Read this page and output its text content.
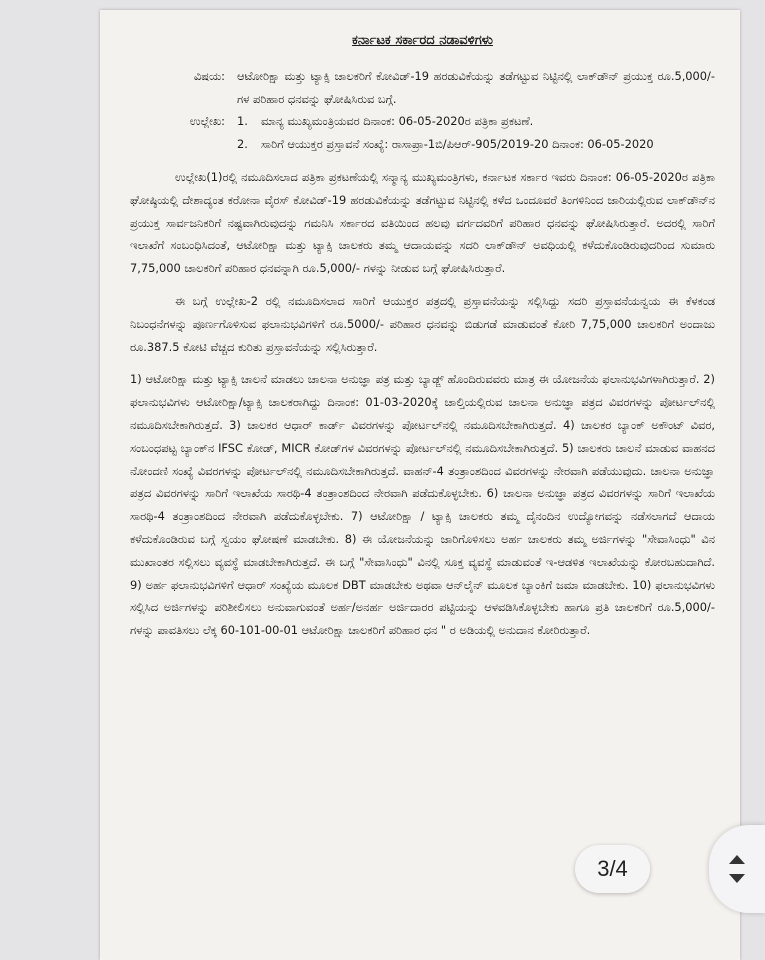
ಕರ್ನಾಟಕ ಸರ್ಕಾರದ ನಡಾವಳಿಗಳು
ವಿಷಯ:	ಆಟೋರಿಕ್ಷಾ ಮತ್ತು ಟ್ಯಾಕ್ಸಿ ಚಾಲಕರಿಗೆ ಕೋವಿಡ್-19 ಹರಡುವಿಕೆಯನ್ನು ತಡೆಗಟ್ಟುವ ನಿಟ್ಟಿನಲ್ಲಿ ಲಾಕ್‌ಡೌನ್ ಪ್ರಯುಕ್ತ ರೂ.5,000/-ಗಳ ಪರಿಹಾರ ಧನವನ್ನು ಘೋಷಿಸಿರುವ ಬಗ್ಗೆ.
ಉಲ್ಲೇಖ:	1.	ಮಾನ್ಯ ಮುಖ್ಯಮಂತ್ರಿಯವರ ದಿನಾಂಕ: 06-05-2020ರ ಪತ್ರಿಕಾ ಪ್ರಕಟಣೆ.
2.	ಸಾರಿಗೆ ಆಯುಕ್ತರ ಪ್ರಸ್ತಾವನೆ ಸಂಖ್ಯೆ: ರಾಸಾಪ್ರಾ-1ಬಿ/ಪಿಆರ್-905/2019-20 ದಿನಾಂಕ: 06-05-2020

ಉಲ್ಲೇಖ(1)ರಲ್ಲಿ ನಮೂದಿಸಲಾದ ಪತ್ರಿಕಾ ಪ್ರಕಟಣೆಯಲ್ಲಿ ಸನ್ಮಾನ್ಯ ಮುಖ್ಯಮಂತ್ರಿಗಳು, ಕರ್ನಾಟಕ ಸರ್ಕಾರ ಇವರು ದಿನಾಂಕ: 06-05-2020ರ ಪತ್ರಿಕಾ ಘೋಷ್ಠಿಯಲ್ಲಿ ದೇಶಾದ್ಯಂತ ಕರೋನಾ ವೈರಸ್ ಕೋವಿಡ್-19 ಹರಡುವಿಕೆಯನ್ನು ತಡೆಗಟ್ಟುವ ನಿಟ್ಟಿನಲ್ಲಿ ಕಳೆದ ಒಂದೂವರೆ ತಿಂಗಳಿನಿಂದ ಜಾರಿಯಲ್ಲಿರುವ ಲಾಕ್‌ಡೌನ್‌ನ ಪ್ರಯುಕ್ತ ಸಾರ್ವಜನಿಕರಿಗೆ ನಷ್ಟವಾಗಿರುವುದನ್ನು ಗಮನಿಸಿ ಸರ್ಕಾರದ ವತಿಯಿಂದ ಹಲವು ವರ್ಗದವರಿಗೆ ಪರಿಹಾರ ಧನವನ್ನು ಘೋಷಿಸಿರುತ್ತಾರೆ. ಅದರಲ್ಲಿ ಸಾರಿಗೆ ಇಲಾಖೆಗೆ ಸಂಬಂಧಿಸಿದಂತೆ, ಆಟೋರಿಕ್ಷಾ ಮತ್ತು ಟ್ಯಾಕ್ಸಿ ಚಾಲಕರು ತಮ್ಮ ಆದಾಯವನ್ನು ಸದರಿ ಲಾಕ್‌ಡೌನ್ ಅವಧಿಯಲ್ಲಿ ಕಳೆದುಕೊಂಡಿರುವುದರಿಂದ ಸುಮಾರು 7,75,000 ಚಾಲಕರಿಗೆ ಪರಿಹಾರ ಧನವನ್ನಾಗಿ ರೂ.5,000/- ಗಳನ್ನು ನೀಡುವ ಬಗ್ಗೆ ಘೋಷಿಸಿರುತ್ತಾರೆ.

ಈ ಬಗ್ಗೆ ಉಲ್ಲೇಖ-2 ರಲ್ಲಿ ನಮೂದಿಸಲಾದ ಸಾರಿಗೆ ಆಯುಕ್ತರ ಪತ್ರದಲ್ಲಿ ಪ್ರಸ್ತಾವನೆಯನ್ನು ಸಲ್ಲಿಸಿದ್ದು ಸದರಿ ಪ್ರಸ್ತಾವನೆಯನ್ವಯ ಈ ಕೆಳಕಂಡ ನಿಬಂಧನೆಗಳನ್ನು ಪೂರ್ಣಗೊಳಿಸುವ ಫಲಾನುಭವಿಗಳಿಗೆ ರೂ.5000/- ಪರಿಹಾರ ಧನವನ್ನು ಬಿಡುಗಡೆ ಮಾಡುವಂತೆ ಕೋರಿ 7,75,000 ಚಾಲಕರಿಗೆ ಅಂದಾಜು ರೂ.387.5 ಕೋಟಿ ವೆಚ್ಚದ ಕುರಿತು ಪ್ರಸ್ತಾವನೆಯನ್ನು ಸಲ್ಲಿಸಿರುತ್ತಾರೆ.

1) ಆಟೋರಿಕ್ಷಾ ಮತ್ತು ಟ್ಯಾಕ್ಸಿ ಚಾಲನೆ ಮಾಡಲು ಚಾಲನಾ ಅನುಜ್ಞಾ ಪತ್ರ ಮತ್ತು ಬ್ಯಾಡ್ಜ್ ಹೊಂದಿರುವವರು ಮಾತ್ರ ಈ ಯೋಜನೆಯ ಫಲಾನುಭವಿಗಳಾಗಿರುತ್ತಾರೆ. 2) ಫಲಾನುಭವಿಗಳು ಆಟೋರಿಕ್ಷಾ/ಟ್ಯಾಕ್ಸಿ ಚಾಲಕರಾಗಿದ್ದು ದಿನಾಂಕ: 01-03-2020ಕ್ಕೆ ಚಾಲ್ತಿಯಲ್ಲಿರುವ ಚಾಲನಾ ಅನುಜ್ಞಾ ಪತ್ರದ ವಿವರಗಳನ್ನು ಪೋರ್ಟಲ್‌ನಲ್ಲಿ ನಮೂದಿಸಬೇಕಾಗಿರುತ್ತದೆ. 3) ಚಾಲಕರ ಆಧಾರ್ ಕಾರ್ಡ್ ವಿವರಗಳನ್ನು ಪೋರ್ಟಲ್‌ನಲ್ಲಿ ನಮೂದಿಸಬೇಕಾಗಿರುತ್ತದೆ. 4) ಚಾಲಕರ ಬ್ಯಾಂಕ್ ಅಕೌಂಟ್ ವಿವರ, ಸಂಬಂಧಪಟ್ಟ ಬ್ಯಾಂಕ್‌ನ IFSC ಕೋಡ್, MICR ಕೋಡ್‌ಗಳ ವಿವರಗಳನ್ನು ಪೋರ್ಟಲ್‌ನಲ್ಲಿ ನಮೂದಿಸಬೇಕಾಗಿರುತ್ತದೆ. 5) ಚಾಲಕರು ಚಾಲನೆ ಮಾಡುವ ವಾಹನದ ನೋಂದಣಿ ಸಂಖ್ಯೆ ವಿವರಗಳನ್ನು ಪೋರ್ಟಲ್‌ನಲ್ಲಿ ನಮೂದಿಸಬೇಕಾಗಿರುತ್ತದೆ. ವಾಹನ್-4 ತಂತ್ರಾಂಶದಿಂದ ವಿವರಗಳನ್ನು ನೇರವಾಗಿ ಪಡೆಯುವುದು. ಚಾಲನಾ ಅನುಜ್ಞಾ ಪತ್ರದ ವಿವರಗಳನ್ನು ಸಾರಿಗೆ ಇಲಾಖೆಯ ಸಾರಥಿ-4 ತಂತ್ರಾಂಶದಿಂದ ನೇರವಾಗಿ ಪಡೆದುಕೊಳ್ಳಬೇಕು. 6) ಚಾಲನಾ ಅನುಜ್ಞಾ ಪತ್ರದ ವಿವರಗಳನ್ನು ಸಾರಿಗೆ ಇಲಾಖೆಯ ಸಾರಥಿ-4 ತಂತ್ರಾಂಶದಿಂದ ನೇರವಾಗಿ ಪಡೆದುಕೊಳ್ಳಬೇಕು. 7) ಆಟೋರಿಕ್ಷಾ / ಟ್ಯಾಕ್ಸಿ ಚಾಲಕರು ತಮ್ಮ ದೈನಂದಿನ ಉದ್ಯೋಗವನ್ನು ನಡೆಸಲಾಗದೆ ಆದಾಯ ಕಳೆದುಕೊಂಡಿರುವ ಬಗ್ಗೆ ಸ್ವಯಂ ಘೋಷಣೆ ಮಾಡಬೇಕು. 8) ಈ ಯೋಜನೆಯನ್ನು ಜಾರಿಗೊಳಿಸಲು ಅರ್ಹ ಚಾಲಕರು ತಮ್ಮ ಅರ್ಜಿಗಳನ್ನು "ಸೇವಾಸಿಂಧು" ವಿನ ಮುಖಾಂತರ ಸಲ್ಲಿಸಲು ವ್ಯವಸ್ಥೆ ಮಾಡಬೇಕಾಗಿರುತ್ತದೆ. ಈ ಬಗ್ಗೆ "ಸೇವಾಸಿಂಧು" ವಿನಲ್ಲಿ ಸೂಕ್ತ ವ್ಯವಸ್ಥೆ ಮಾಡುವಂತೆ ಇ-ಆಡಳಿತ ಇಲಾಖೆಯನ್ನು ಕೋರಬಹುದಾಗಿದೆ. 9) ಅರ್ಹ ಫಲಾನುಭವಿಗಳಿಗೆ ಆಧಾರ್ ಸಂಖ್ಯೆಯ ಮೂಲಕ DBT ಮಾಡಬೇಕು ಅಥವಾ ಆನ್‌ಲೈನ್ ಮೂಲಕ ಬ್ಯಾಂಕಿಗೆ ಜಮಾ ಮಾಡಬೇಕು. 10) ಫಲಾನುಭವಿಗಳು ಸಲ್ಲಿಸಿದ ಅರ್ಜಿಗಳನ್ನು ಪರಿಶೀಲಿಸಲು ಅನುವಾಗುವಂತೆ ಅರ್ಹ/ಅನರ್ಹ ಅರ್ಜಿದಾರರ ಪಟ್ಟಿಯನ್ನು ಆಳವಡಿಸಿಕೊಳ್ಳಬೇಕು ಹಾಗೂ ಪ್ರತಿ ಚಾಲಕರಿಗೆ ರೂ.5,000/- ಗಳನ್ನು ಪಾವತಿಸಲು ಲೆಕ್ಕ 60-101-00-01 ಆಟೋರಿಕ್ಷಾ ಚಾಲಕರಿಗೆ ಪರಿಹಾರ ಧನ " ರ ಅಡಿಯಲ್ಲಿ ಅನುದಾನ ಕೋರಿರುತ್ತಾರೆ.

3/4
